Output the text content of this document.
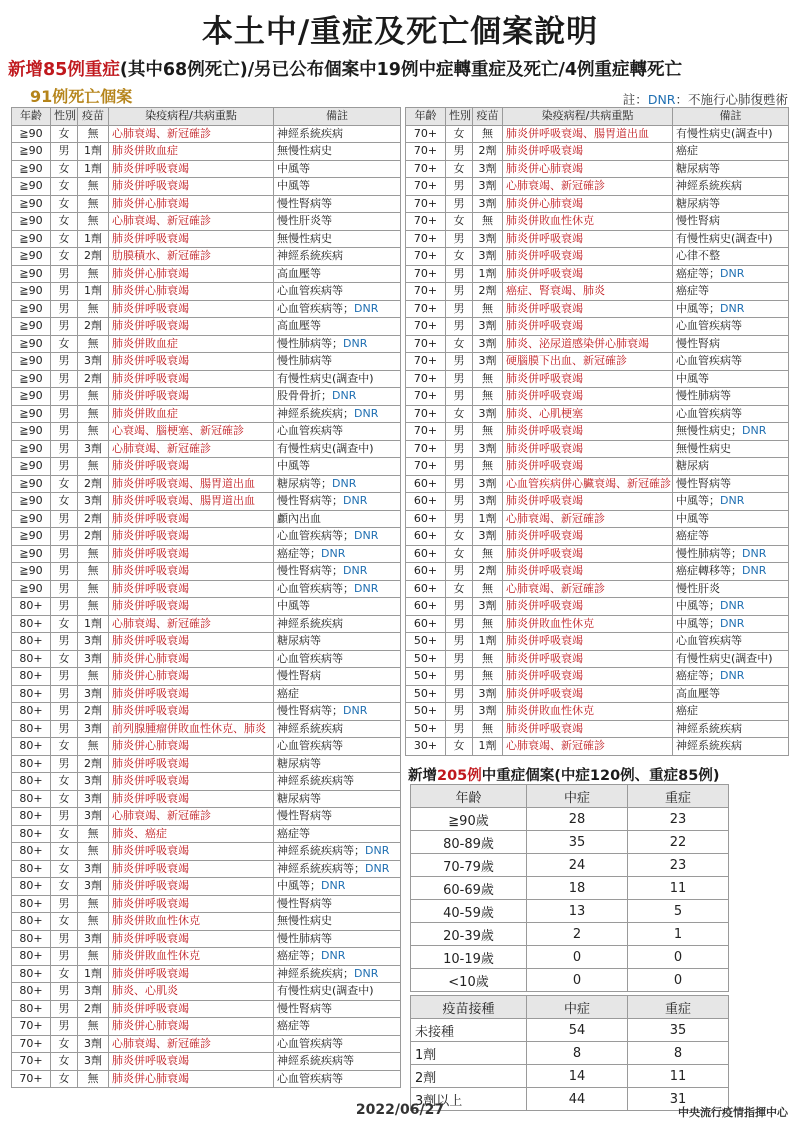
本土中/重症及死亡個案說明
新增85例重症(其中68例死亡)/另已公布個案中19例中症轉重症及死亡/4例重症轉死亡
91例死亡個案	註：DNR：不施行心肺復甦術
年齡	性別	疫苗	染疫病程/共病重點	備註
≧90	女	無	心肺衰竭、新冠確診	神經系統疾病
≧90	男	1劑	肺炎併敗血症	無慢性病史
≧90	女	1劑	肺炎併呼吸衰竭	中風等
≧90	女	無	肺炎併呼吸衰竭	中風等
≧90	女	無	肺炎併心肺衰竭	慢性腎病等
≧90	女	無	心肺衰竭、新冠確診	慢性肝炎等
≧90	女	1劑	肺炎併呼吸衰竭	無慢性病史
≧90	女	2劑	肋膜積水、新冠確診	神經系統疾病
≧90	男	無	肺炎併心肺衰竭	高血壓等
≧90	男	1劑	肺炎併心肺衰竭	心血管疾病等
≧90	男	無	肺炎併呼吸衰竭	心血管疾病等；DNR
≧90	男	2劑	肺炎併呼吸衰竭	高血壓等
≧90	女	無	肺炎併敗血症	慢性肺病等；DNR
≧90	男	3劑	肺炎併呼吸衰竭	慢性肺病等
≧90	男	2劑	肺炎併呼吸衰竭	有慢性病史(調查中)
≧90	男	無	肺炎併呼吸衰竭	股骨骨折；DNR
≧90	男	無	肺炎併敗血症	神經系統疾病；DNR
≧90	男	無	心衰竭、腦梗塞、新冠確診	心血管疾病等
≧90	男	3劑	心肺衰竭、新冠確診	有慢性病史(調查中)
≧90	男	無	肺炎併呼吸衰竭	中風等
≧90	女	2劑	肺炎併呼吸衰竭、腸胃道出血	糖尿病等；DNR
≧90	女	3劑	肺炎併呼吸衰竭、腸胃道出血	慢性腎病等；DNR
≧90	男	2劑	肺炎併呼吸衰竭	顱內出血
≧90	男	2劑	肺炎併呼吸衰竭	心血管疾病等；DNR
≧90	男	無	肺炎併呼吸衰竭	癌症等；DNR
≧90	男	無	肺炎併呼吸衰竭	慢性腎病等；DNR
≧90	男	無	肺炎併呼吸衰竭	心血管疾病等；DNR
80+	男	無	肺炎併呼吸衰竭	中風等
80+	女	1劑	心肺衰竭、新冠確診	神經系統疾病
80+	男	3劑	肺炎併呼吸衰竭	糖尿病等
80+	女	3劑	肺炎併心肺衰竭	心血管疾病等
80+	男	無	肺炎併心肺衰竭	慢性腎病
80+	男	3劑	肺炎併呼吸衰竭	癌症
80+	男	2劑	肺炎併呼吸衰竭	慢性腎病等；DNR
80+	男	3劑	前列腺腫瘤併敗血性休克、肺炎	神經系統疾病
80+	女	無	肺炎併心肺衰竭	心血管疾病等
80+	男	2劑	肺炎併呼吸衰竭	糖尿病等
80+	女	3劑	肺炎併呼吸衰竭	神經系統疾病等
80+	女	3劑	肺炎併呼吸衰竭	糖尿病等
80+	男	3劑	心肺衰竭、新冠確診	慢性腎病等
80+	女	無	肺炎、癌症	癌症等
80+	女	無	肺炎併呼吸衰竭	神經系統疾病等；DNR
80+	女	3劑	肺炎併呼吸衰竭	神經系統疾病等；DNR
80+	女	3劑	肺炎併呼吸衰竭	中風等；DNR
80+	男	無	肺炎併呼吸衰竭	慢性腎病等
80+	女	無	肺炎併敗血性休克	無慢性病史
80+	男	3劑	肺炎併呼吸衰竭	慢性肺病等
80+	男	無	肺炎併敗血性休克	癌症等；DNR
80+	女	1劑	肺炎併呼吸衰竭	神經系統疾病；DNR
80+	男	3劑	肺炎、心肌炎	有慢性病史(調查中)
80+	男	2劑	肺炎併呼吸衰竭	慢性腎病等
70+	男	無	肺炎併心肺衰竭	癌症等
70+	女	3劑	心肺衰竭、新冠確診	心血管疾病等
70+	女	3劑	肺炎併呼吸衰竭	神經系統疾病等
70+	女	無	肺炎併心肺衰竭	心血管疾病等
年齡	性別	疫苗	染疫病程/共病重點	備註
70+	女	無	肺炎併呼吸衰竭、腸胃道出血	有慢性病史(調查中)
70+	男	2劑	肺炎併呼吸衰竭	癌症
70+	女	3劑	肺炎併心肺衰竭	糖尿病等
70+	男	3劑	心肺衰竭、新冠確診	神經系統疾病
70+	男	3劑	肺炎併心肺衰竭	糖尿病等
70+	女	無	肺炎併敗血性休克	慢性腎病
70+	男	3劑	肺炎併呼吸衰竭	有慢性病史(調查中)
70+	女	3劑	肺炎併呼吸衰竭	心律不整
70+	男	1劑	肺炎併呼吸衰竭	癌症等；DNR
70+	男	2劑	癌症、腎衰竭、肺炎	癌症等
70+	男	無	肺炎併呼吸衰竭	中風等；DNR
70+	男	3劑	肺炎併呼吸衰竭	心血管疾病等
70+	女	3劑	肺炎、泌尿道感染併心肺衰竭	慢性腎病
70+	男	3劑	硬腦膜下出血、新冠確診	心血管疾病等
70+	男	無	肺炎併呼吸衰竭	中風等
70+	男	無	肺炎併呼吸衰竭	慢性肺病等
70+	女	3劑	肺炎、心肌梗塞	心血管疾病等
70+	男	無	肺炎併呼吸衰竭	無慢性病史；DNR
70+	男	3劑	肺炎併呼吸衰竭	無慢性病史
70+	男	無	肺炎併呼吸衰竭	糖尿病
60+	男	3劑	心血管疾病併心臟衰竭、新冠確診	慢性腎病等
60+	男	3劑	肺炎併呼吸衰竭	中風等；DNR
60+	男	1劑	心肺衰竭、新冠確診	中風等
60+	女	3劑	肺炎併呼吸衰竭	癌症等
60+	女	無	肺炎併呼吸衰竭	慢性肺病等；DNR
60+	男	2劑	肺炎併呼吸衰竭	癌症轉移等；DNR
60+	女	無	心肺衰竭、新冠確診	慢性肝炎
60+	男	3劑	肺炎併呼吸衰竭	中風等；DNR
60+	男	無	肺炎併敗血性休克	中風等；DNR
50+	男	1劑	肺炎併呼吸衰竭	心血管疾病等
50+	男	無	肺炎併呼吸衰竭	有慢性病史(調查中)
50+	男	無	肺炎併呼吸衰竭	癌症等；DNR
50+	男	3劑	肺炎併呼吸衰竭	高血壓等
50+	男	3劑	肺炎併敗血性休克	癌症
50+	男	無	肺炎併呼吸衰竭	神經系統疾病
30+	女	1劑	心肺衰竭、新冠確診	神經系統疾病
新增205例中重症個案(中症120例、重症85例)
年齡	中症	重症
≧90歲	28	23
80-89歲	35	22
70-79歲	24	23
60-69歲	18	11
40-59歲	13	5
20-39歲	2	1
10-19歲	0	0
<10歲	0	0
疫苗接種	中症	重症
未接種	54	35
1劑	8	8
2劑	14	11
3劑以上	44	31
2022/06/27	中央流行疫情指揮中心
